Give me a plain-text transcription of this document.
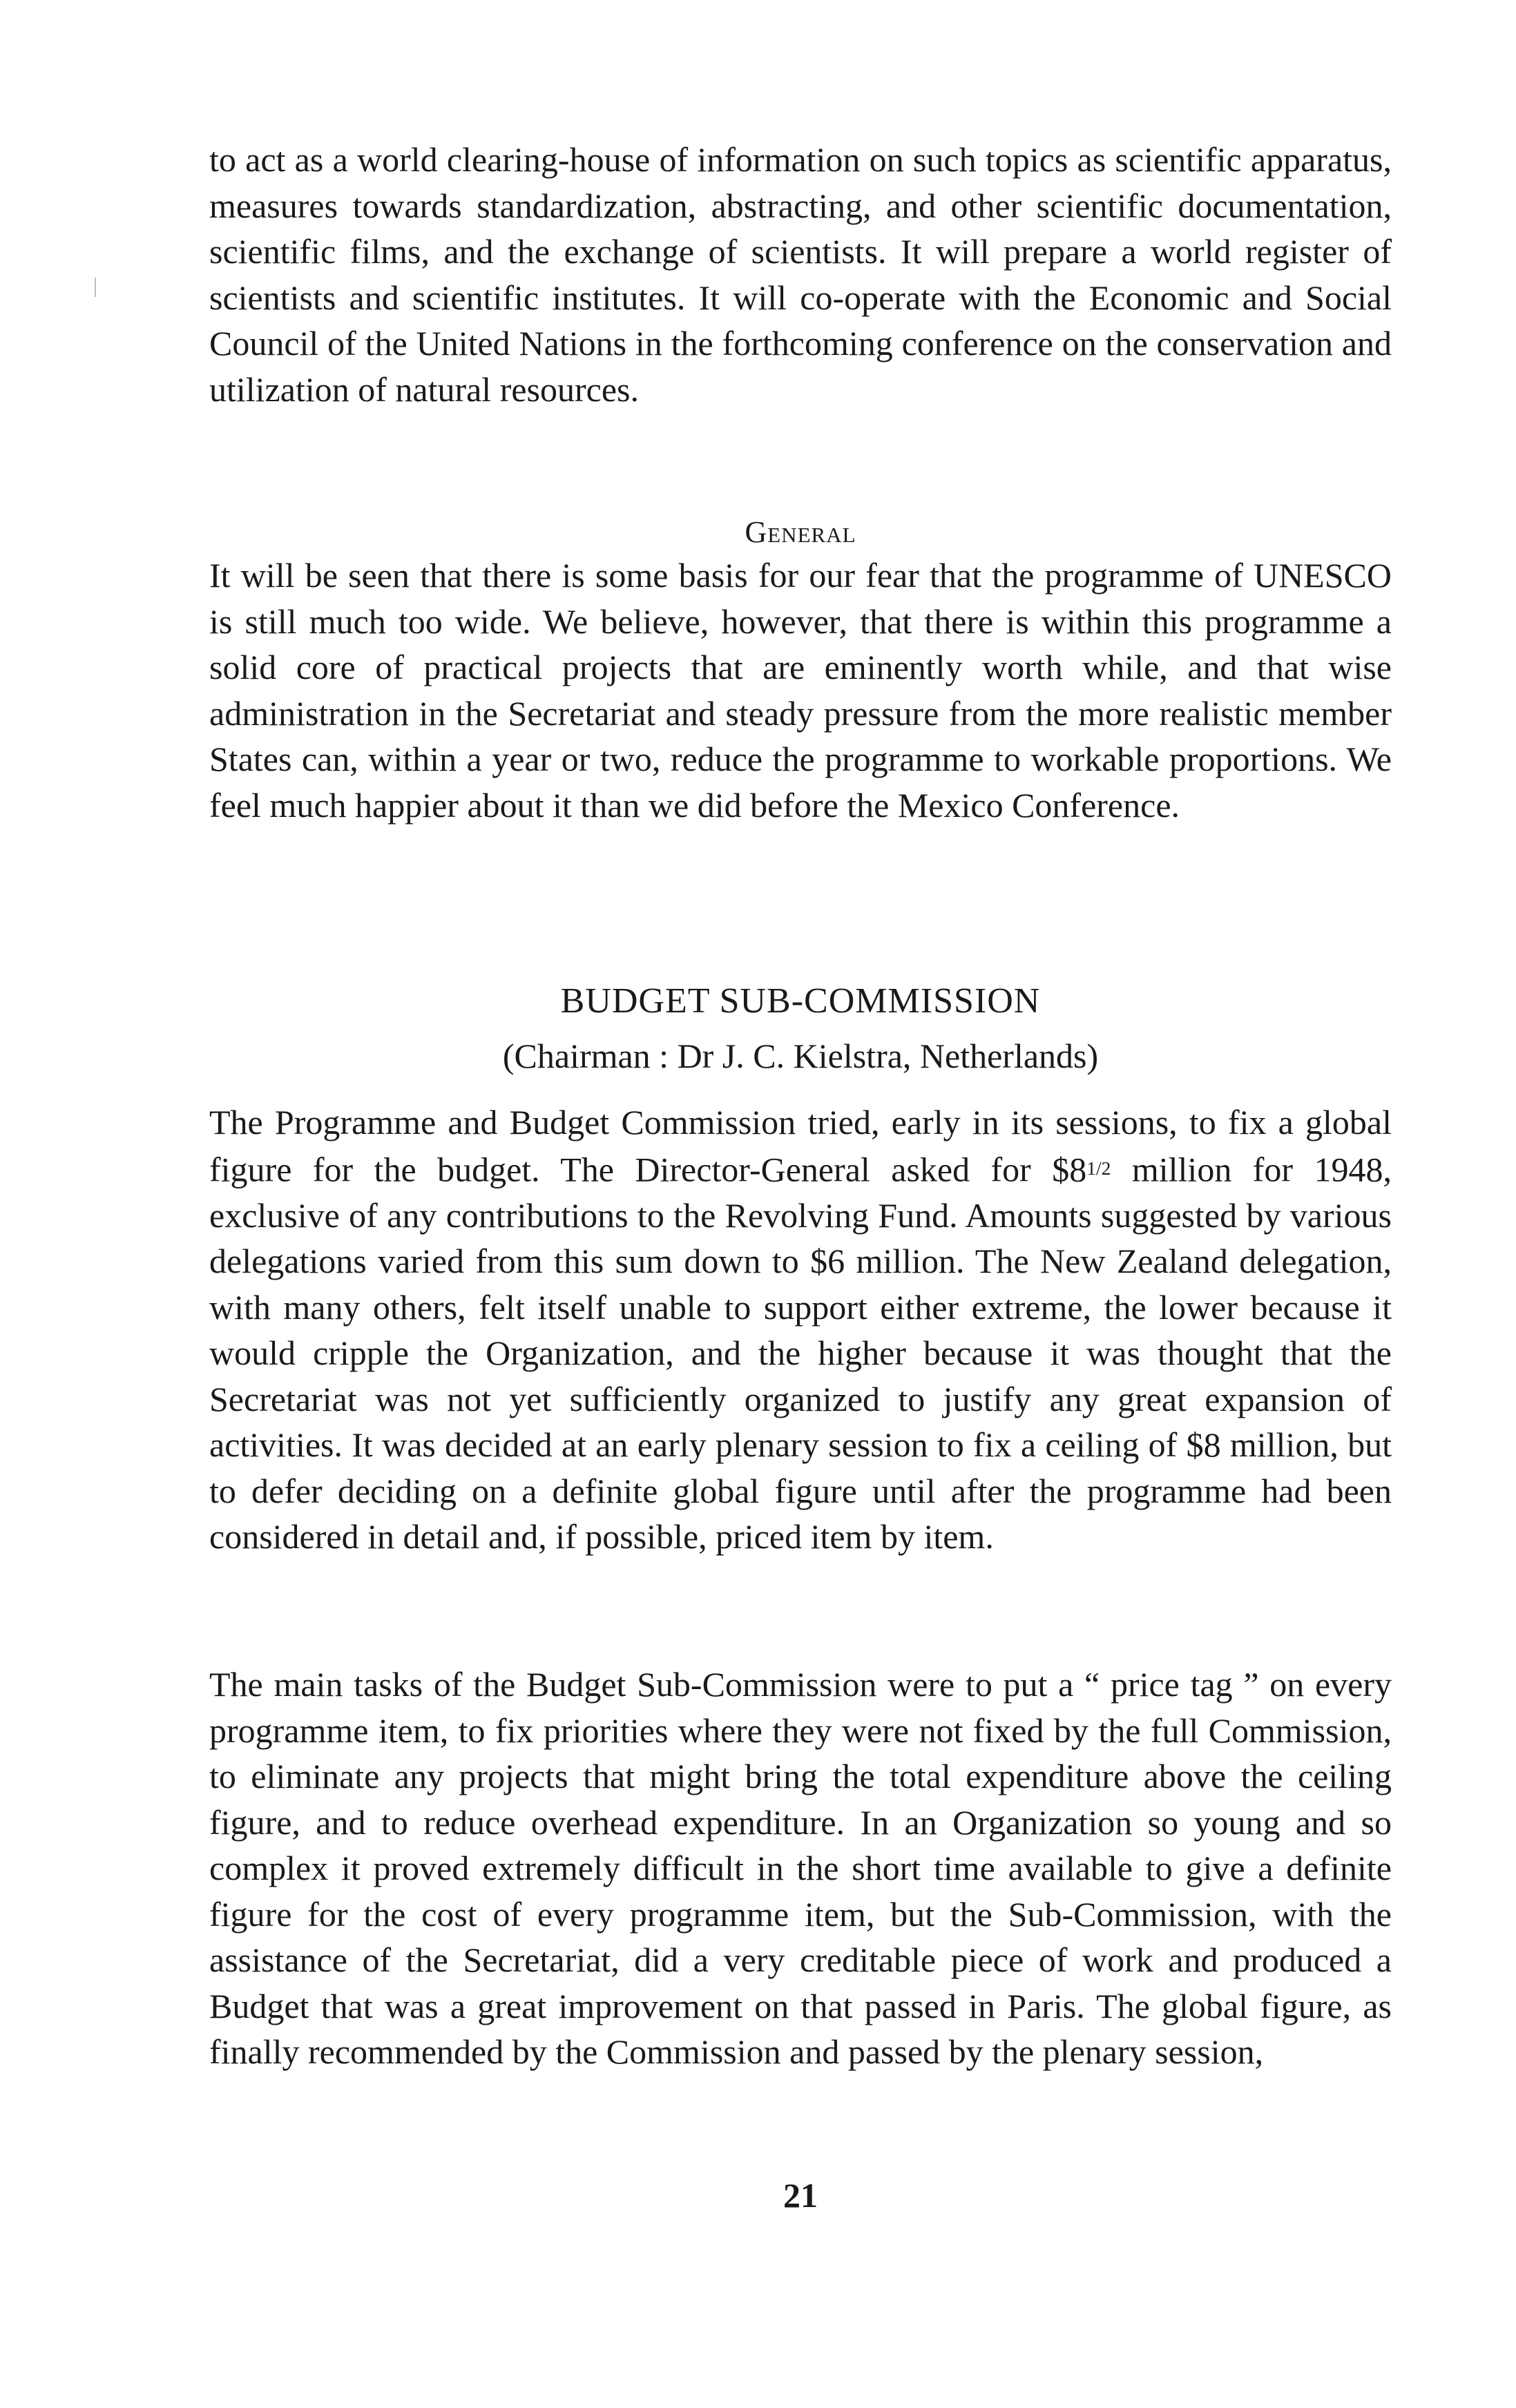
to act as a world clearing-house of information on such topics as scientific apparatus, measures towards standardization, abstracting, and other scientific documentation, scientific films, and the exchange of scientists. It will prepare a world register of scientists and scientific institutes. It will co-operate with the Economic and Social Council of the United Nations in the forthcoming conference on the conservation and utilization of natural resources.

General

It will be seen that there is some basis for our fear that the programme of UNESCO is still much too wide. We believe, however, that there is within this programme a solid core of practical projects that are eminently worth while, and that wise administration in the Secretariat and steady pressure from the more realistic member States can, within a year or two, reduce the programme to workable proportions. We feel much happier about it than we did before the Mexico Conference.

BUDGET SUB-COMMISSION
(Chairman : Dr J. C. Kielstra, Netherlands)

The Programme and Budget Commission tried, early in its sessions, to fix a global figure for the budget. The Director-General asked for $81/2 million for 1948, exclusive of any contributions to the Revolving Fund. Amounts suggested by various delegations varied from this sum down to $6 million. The New Zealand delegation, with many others, felt itself unable to support either extreme, the lower because it would cripple the Organization, and the higher because it was thought that the Secretariat was not yet sufficiently organized to justify any great expansion of activities. It was decided at an early plenary session to fix a ceiling of $8 million, but to defer deciding on a definite global figure until after the programme had been considered in detail and, if possible, priced item by item.

The main tasks of the Budget Sub-Commission were to put a “ price tag ” on every programme item, to fix priorities where they were not fixed by the full Commission, to eliminate any projects that might bring the total expenditure above the ceiling figure, and to reduce overhead expenditure. In an Organization so young and so complex it proved extremely difficult in the short time available to give a definite figure for the cost of every programme item, but the Sub-Commission, with the assistance of the Secretariat, did a very creditable piece of work and produced a Budget that was a great improvement on that passed in Paris. The global figure, as finally recommended by the Commission and passed by the plenary session,

21
